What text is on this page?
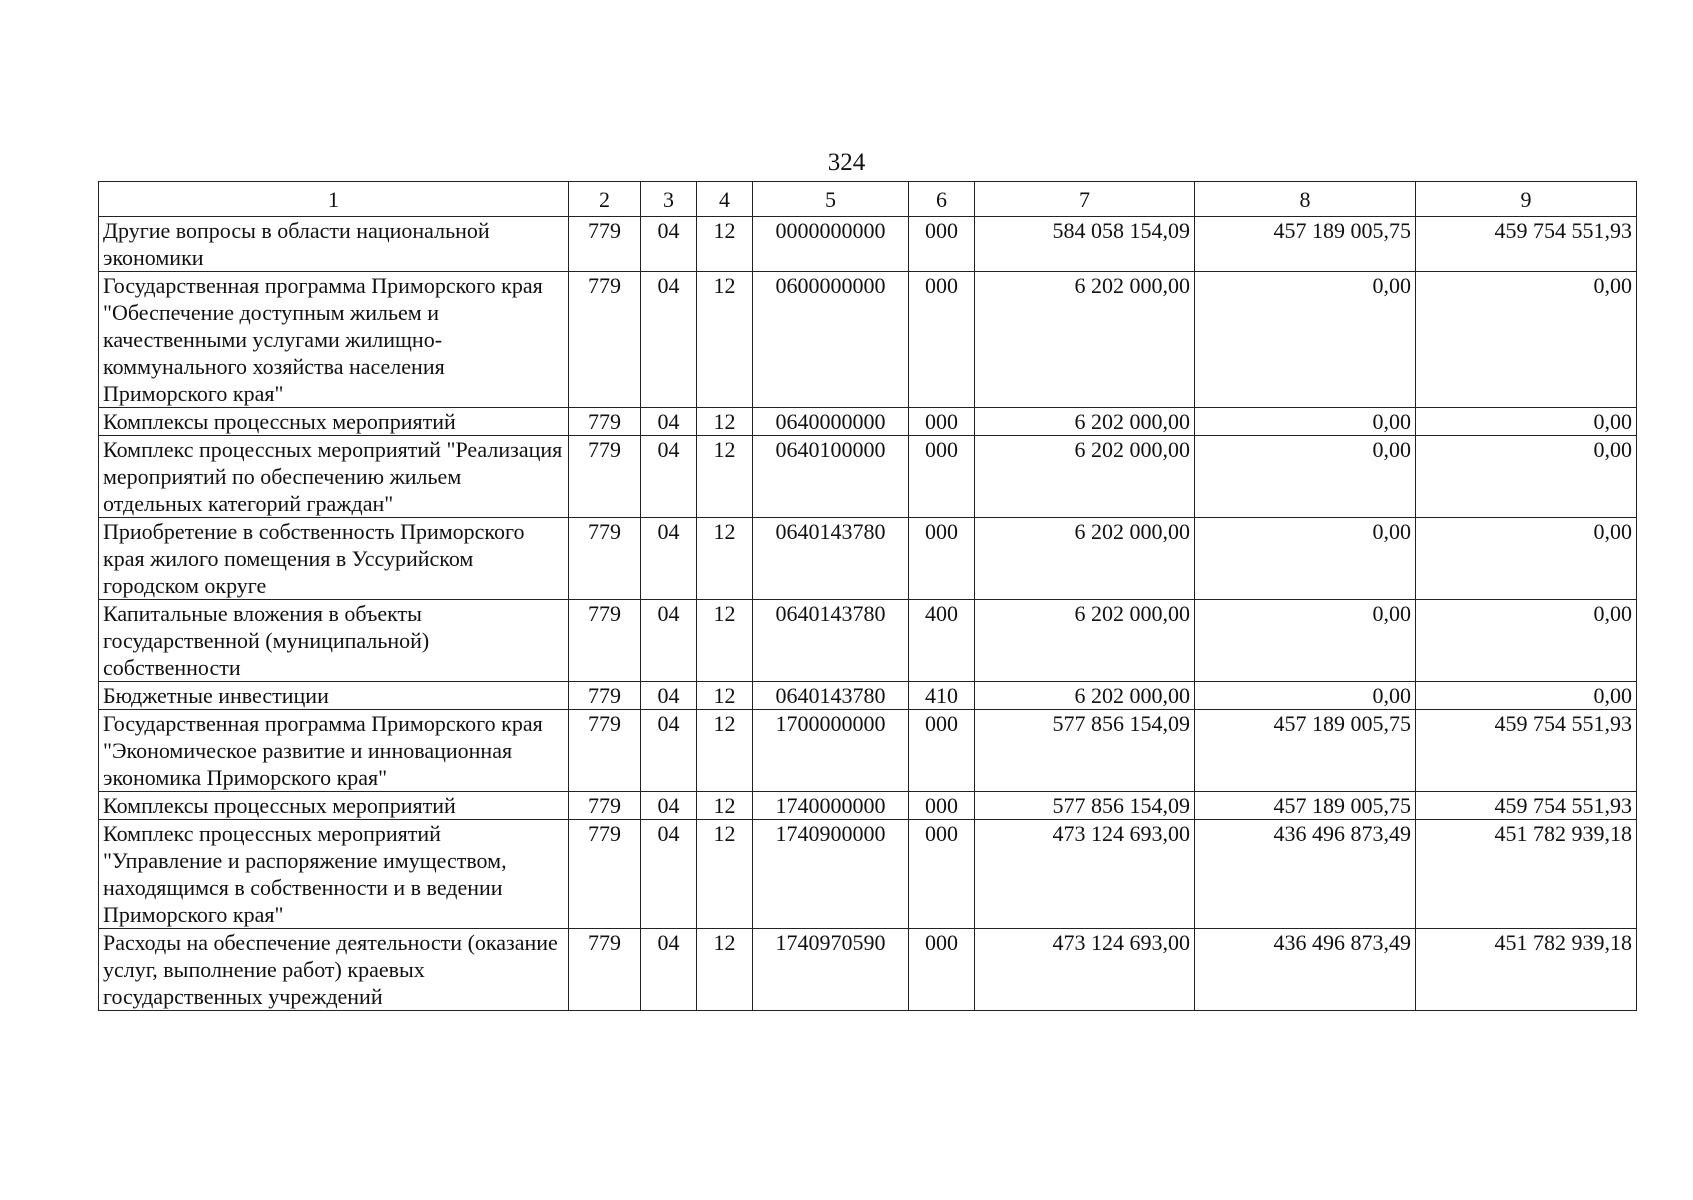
324
1	2	3	4	5	6	7	8	9
Другие вопросы в области национальной экономики	779	04	12	0000000000	000	584 058 154,09	457 189 005,75	459 754 551,93
Государственная программа Приморского края "Обеспечение доступным жильем и качественными услугами жилищно-коммунального хозяйства населения Приморского края"	779	04	12	0600000000	000	6 202 000,00	0,00	0,00
Комплексы процессных мероприятий	779	04	12	0640000000	000	6 202 000,00	0,00	0,00
Комплекс процессных мероприятий "Реализация мероприятий по обеспечению жильем отдельных категорий граждан"	779	04	12	0640100000	000	6 202 000,00	0,00	0,00
Приобретение в собственность Приморского края жилого помещения в Уссурийском городском округе	779	04	12	0640143780	000	6 202 000,00	0,00	0,00
Капитальные вложения в объекты государственной (муниципальной) собственности	779	04	12	0640143780	400	6 202 000,00	0,00	0,00
Бюджетные инвестиции	779	04	12	0640143780	410	6 202 000,00	0,00	0,00
Государственная программа Приморского края "Экономическое развитие и инновационная экономика Приморского края"	779	04	12	1700000000	000	577 856 154,09	457 189 005,75	459 754 551,93
Комплексы процессных мероприятий	779	04	12	1740000000	000	577 856 154,09	457 189 005,75	459 754 551,93
Комплекс процессных мероприятий "Управление и распоряжение имуществом, находящимся в собственности и в ведении Приморского края"	779	04	12	1740900000	000	473 124 693,00	436 496 873,49	451 782 939,18
Расходы на обеспечение деятельности (оказание услуг, выполнение работ) краевых государственных учреждений	779	04	12	1740970590	000	473 124 693,00	436 496 873,49	451 782 939,18
